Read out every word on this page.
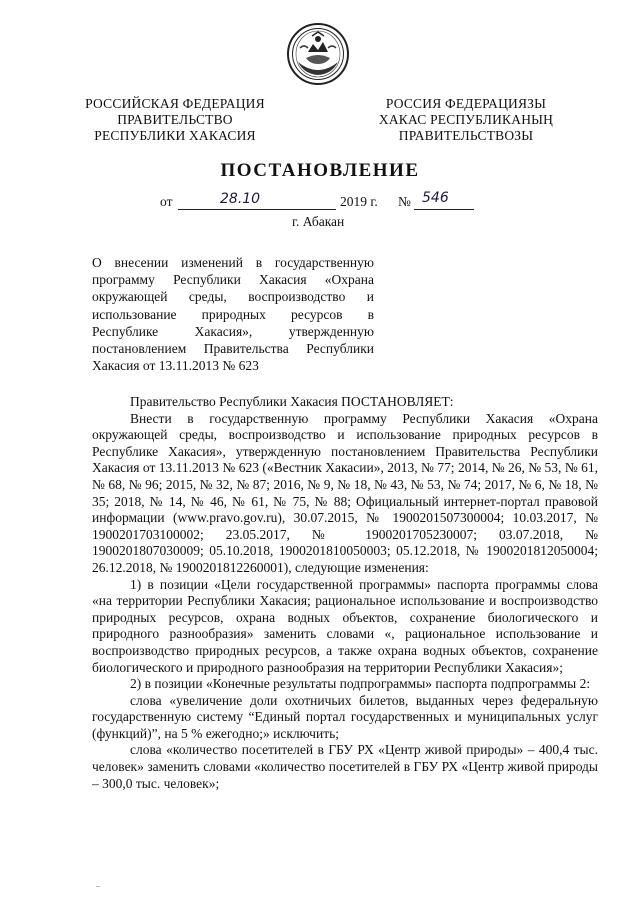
РОССИЙСКАЯ ФЕДЕРАЦИЯ
ПРАВИТЕЛЬСТВО
РЕСПУБЛИКИ ХАКАСИЯ
РОССИЯ ФЕДЕРАЦИЯЗЫ
ХАКАС РЕСПУБЛИКАНЫҢ
ПРАВИТЕЛЬСТВОЗЫ
ПОСТАНОВЛЕНИЕ
от	28.10	2019 г. № 546
г. Абакан
О внесении изменений в государственную программу Республики Хакасия «Охрана окружающей среды, воспроизводство и использование природных ресурсов в Республике Хакасия», утвержденную постановлением Правительства Республики Хакасия от 13.11.2013 № 623

Правительство Республики Хакасия ПОСТАНОВЛЯЕТ:

Внести в государственную программу Республики Хакасия «Охрана окружающей среды, воспроизводство и использование природных ресурсов в Республике Хакасия», утвержденную постановлением Правительства Республики Хакасия от 13.11.2013 № 623 («Вестник Хакасии», 2013, № 77; 2014, № 26, № 53, № 61, № 68, № 96; 2015, № 32, № 87; 2016, № 9, № 18, № 43, № 53, № 74; 2017, № 6, № 18, № 35; 2018, № 14, № 46, № 61, № 75, № 88; Официальный интернет-портал правовой информации (www.pravo.gov.ru), 30.07.2015, № 1900201507300004; 10.03.2017, № 1900201703100002; 23.05.2017, № 1900201705230007; 03.07.2018, № 1900201807030009; 05.10.2018, 1900201810050003; 05.12.2018, № 1900201812050004; 26.12.2018, № 1900201812260001), следующие изменения:

1) в позиции «Цели государственной программы» паспорта программы слова «на территории Республики Хакасия; рациональное использование и воспроизводство природных ресурсов, охрана водных объектов, сохранение биологического и природного разнообразия» заменить словами «, рациональное использование и воспроизводство природных ресурсов, а также охрана водных объектов, сохранение биологического и природного разнообразия на территории Республики Хакасия»;

2) в позиции «Конечные результаты подпрограммы» паспорта подпрограммы 2:

слова «увеличение доли охотничьих билетов, выданных через федеральную государственную систему “Единый портал государственных и муниципальных услуг (функций)”, на 5 % ежегодно;» исключить;

слова «количество посетителей в ГБУ РХ «Центр живой природы» – 400,4 тыс. человек» заменить словами «количество посетителей в ГБУ РХ «Центр живой природы – 300,0 тыс. человек»;
